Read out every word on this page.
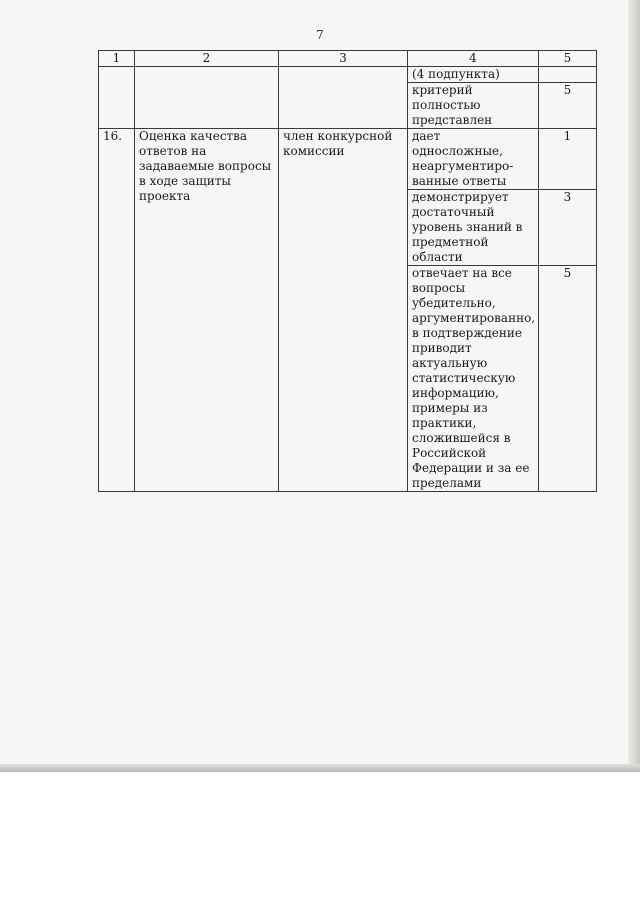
7
1	2	3	4	5
			(4 подпункта)	
			критерий полностью представлен	5
16.	Оценка качества ответов на задаваемые вопросы в ходе защиты проекта	член конкурсной комиссии	дает односложные, неаргументиро-ванные ответы	1
			демонстрирует достаточный уровень знаний в предметной области	3
			отвечает на все вопросы убедительно, аргументированно, в подтверждение приводит актуальную статистическую информацию, примеры из практики, сложившейся в Российской Федерации и за ее пределами	5
